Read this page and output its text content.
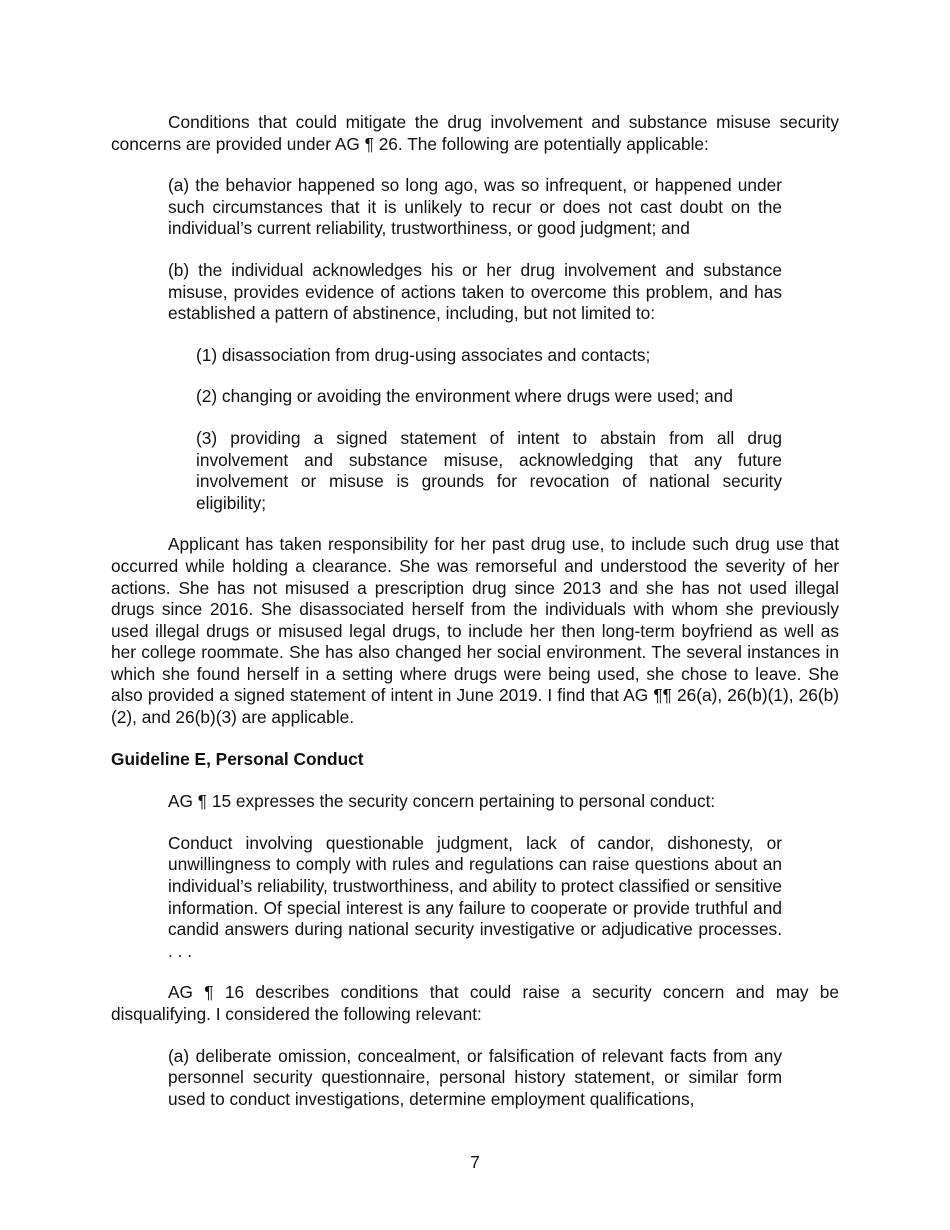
Conditions that could mitigate the drug involvement and substance misuse security concerns are provided under AG ¶ 26. The following are potentially applicable:

(a) the behavior happened so long ago, was so infrequent, or happened under such circumstances that it is unlikely to recur or does not cast doubt on the individual’s current reliability, trustworthiness, or good judgment; and

(b) the individual acknowledges his or her drug involvement and substance misuse, provides evidence of actions taken to overcome this problem, and has established a pattern of abstinence, including, but not limited to:

(1) disassociation from drug-using associates and contacts;

(2) changing or avoiding the environment where drugs were used; and

(3) providing a signed statement of intent to abstain from all drug involvement and substance misuse, acknowledging that any future involvement or misuse is grounds for revocation of national security eligibility;

Applicant has taken responsibility for her past drug use, to include such drug use that occurred while holding a clearance. She was remorseful and understood the severity of her actions. She has not misused a prescription drug since 2013 and she has not used illegal drugs since 2016. She disassociated herself from the individuals with whom she previously used illegal drugs or misused legal drugs, to include her then long-term boyfriend as well as her college roommate. She has also changed her social environment. The several instances in which she found herself in a setting where drugs were being used, she chose to leave. She also provided a signed statement of intent in June 2019. I find that AG ¶¶ 26(a), 26(b)(1), 26(b)(2), and 26(b)(3) are applicable.

Guideline E, Personal Conduct

AG ¶ 15 expresses the security concern pertaining to personal conduct:

Conduct involving questionable judgment, lack of candor, dishonesty, or unwillingness to comply with rules and regulations can raise questions about an individual’s reliability, trustworthiness, and ability to protect classified or sensitive information. Of special interest is any failure to cooperate or provide truthful and candid answers during national security investigative or adjudicative processes. . . .

AG ¶ 16 describes conditions that could raise a security concern and may be disqualifying. I considered the following relevant:

(a) deliberate omission, concealment, or falsification of relevant facts from any personnel security questionnaire, personal history statement, or similar form used to conduct investigations, determine employment qualifications,

7
